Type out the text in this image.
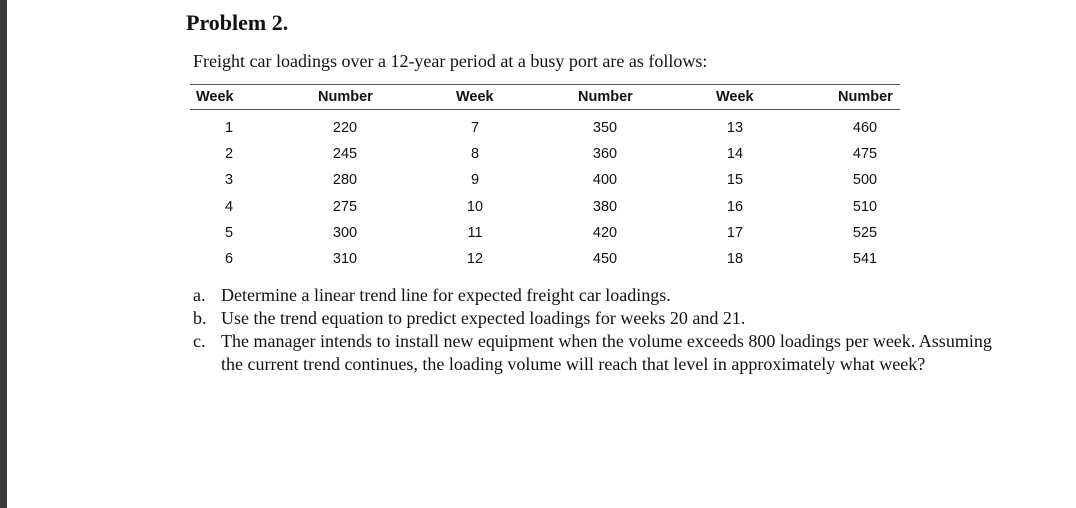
Problem 2.
Freight car loadings over a 12-year period at a busy port are as follows:
Week	Number	Week	Number	Week	Number
1	220	7	350	13	460
2	245	8	360	14	475
3	280	9	400	15	500
4	275	10	380	16	510
5	300	11	420	17	525
6	310	12	450	18	541
a. Determine a linear trend line for expected freight car loadings.
b. Use the trend equation to predict expected loadings for weeks 20 and 21.
c. The manager intends to install new equipment when the volume exceeds 800 loadings per week. Assuming the current trend continues, the loading volume will reach that level in approximately what week?
